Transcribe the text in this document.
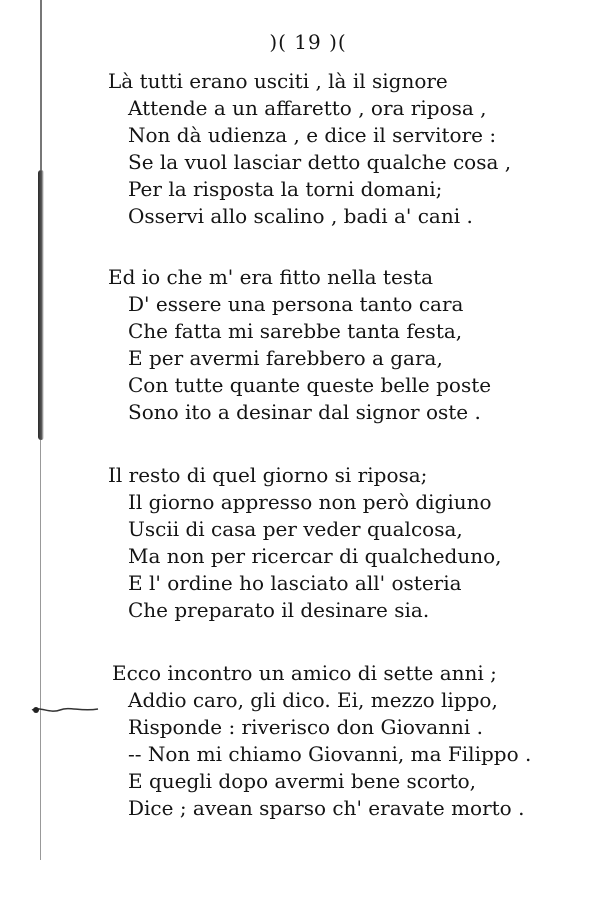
)( 19 )(
Là tutti erano usciti , là il signore
Attende a un affaretto , ora riposa ,
Non dà udienza , e dice il servitore :
Se la vuol lasciar detto qualche cosa ,
Per la risposta la torni domani;
Osservi allo scalino , badi a' cani .
Ed io che m' era fitto nella testa
D' essere una persona tanto cara
Che fatta mi sarebbe tanta festa,
E per avermi farebbero a gara,
Con tutte quante queste belle poste
Sono ito a desinar dal signor oste .
Il resto di quel giorno si riposa;
Il giorno appresso non però digiuno
Uscii di casa per veder qualcosa,
Ma non per ricercar di qualcheduno,
E l' ordine ho lasciato all' osteria
Che preparato il desinare sia.
Ecco incontro un amico di sette anni ;
Addio caro, gli dico. Ei, mezzo lippo,
Risponde : riverisco don Giovanni .
-- Non mi chiamo Giovanni, ma Filippo .
E quegli dopo avermi bene scorto,
Dice ; avean sparso ch' eravate morto .
